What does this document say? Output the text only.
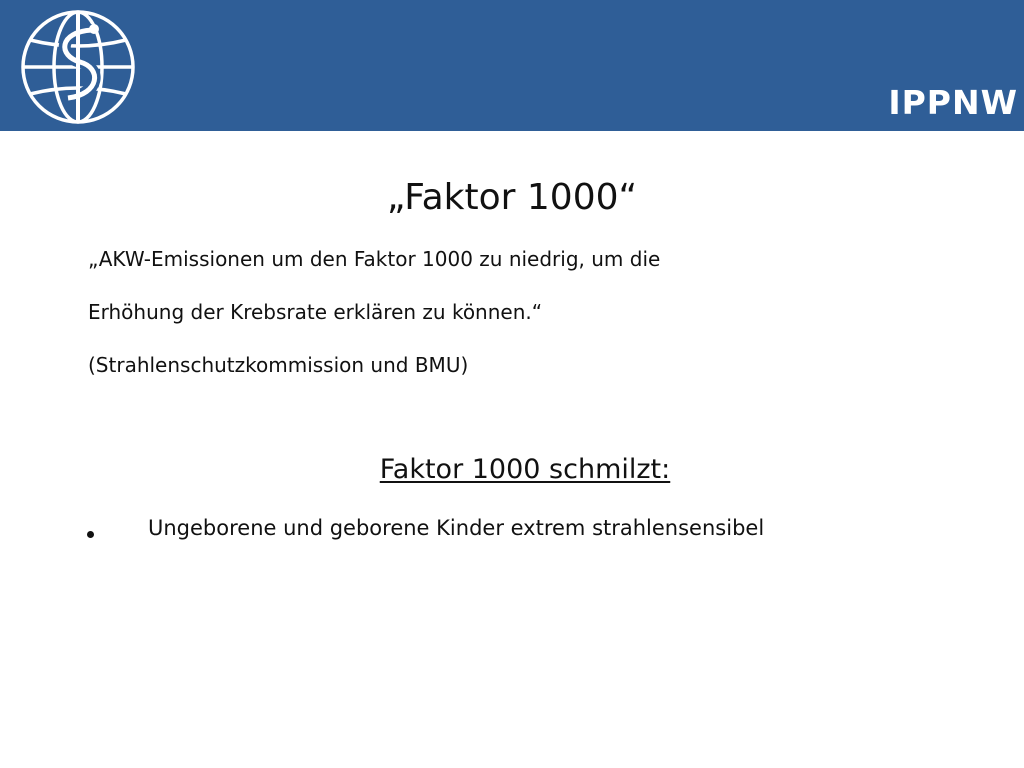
IPPNW
„Faktor 1000“
„AKW-Emissionen um den Faktor 1000 zu niedrig, um die
Erhöhung der Krebsrate erklären zu können.“
(Strahlenschutzkommission und BMU)
Faktor 1000 schmilzt:
Ungeborene und geborene Kinder extrem strahlensensibel
